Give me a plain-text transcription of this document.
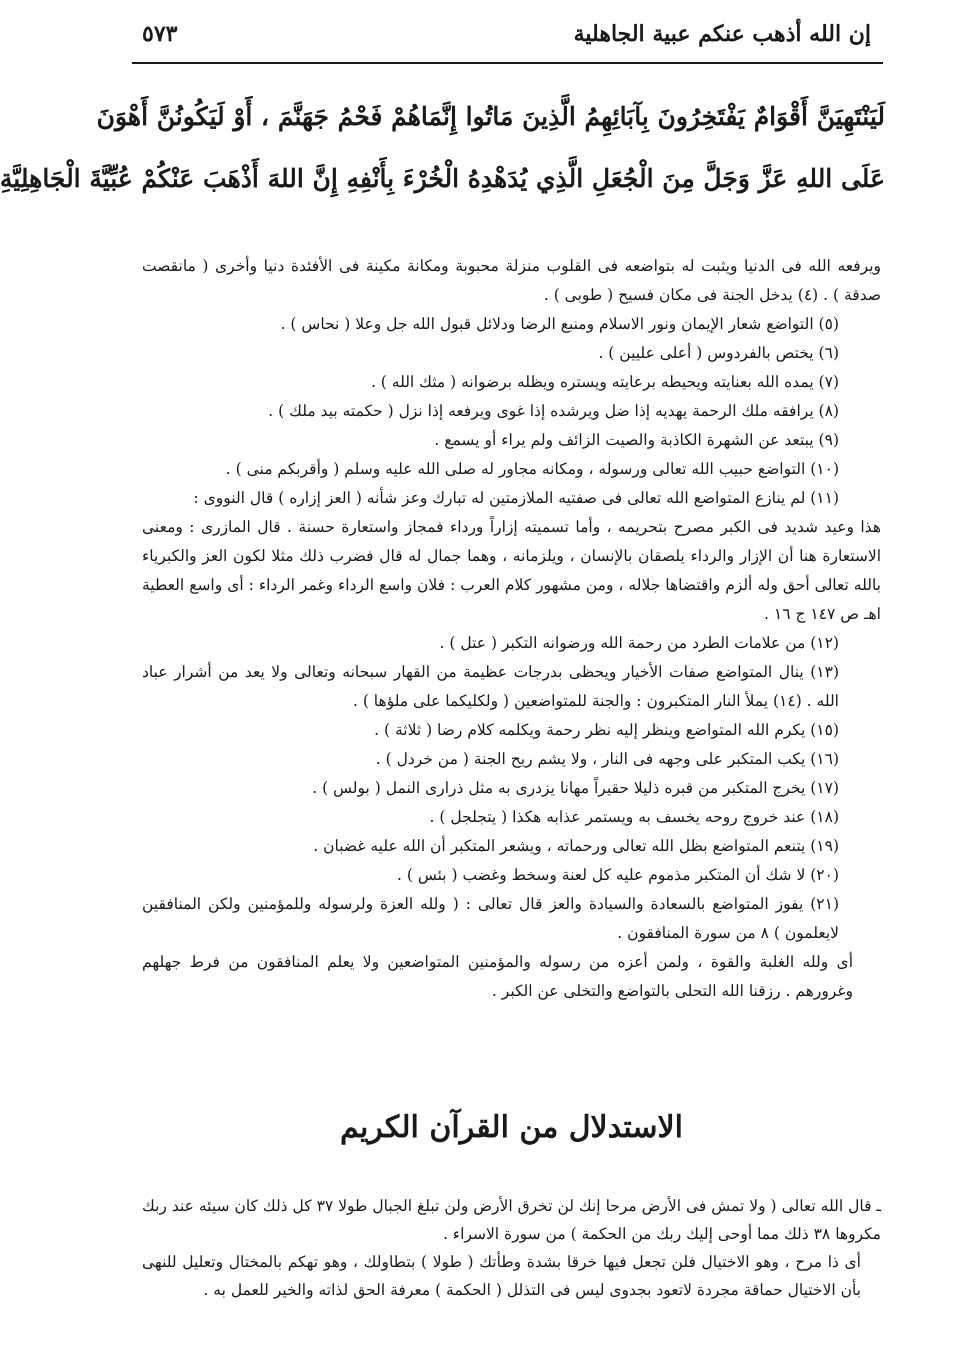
إن الله أذهب عنكم عبية الجاهلية
٥٧٣
لَيَنْتَهِيَنَّ أَقْوَامٌ يَفْتَخِرُونَ بِآبَائِهِمُ الَّذِينَ مَاتُوا إِنَّمَاهُمْ فَحْمُ جَهَنَّمَ ، أَوْ لَيَكُونُنَّ أَهْوَنَ
عَلَى اللهِ عَزَّ وَجَلَّ مِنَ الْجُعَلِ الَّذِي يُدَهْدِهُ الْخُرْءَ بِأَنْفِهِ إِنَّ اللهَ أَذْهَبَ عَنْكُمْ عُبِّيَّةَ الْجَاهِلِيَّةِ

ويرفعه الله فى الدنيا ويثبت له بتواضعه فى القلوب منزلة محبوبة ومكانة مكينة فى الأفئدة دنيا وأخرى ( مانقصت صدقة ) . (٤) يدخل الجنة فى مكان فسيح ( طوبى ) .

(٥) التواضع شعار الإيمان ونور الاسلام ومنبع الرضا ودلائل قبول الله جل وعلا ( نحاس ) .

(٦) يختص بالفردوس ( أعلى عليين ) .

(٧) يمده الله بعنايته ويحيطه برعايته ويستره ويظله برضوانه ( مثك الله ) .

(٨) يرافقه ملك الرحمة يهديه إذا ضل ويرشده إذا غوى ويرفعه إذا نزل ( حكمته بيد ملك ) .

(٩) يبتعد عن الشهرة الكاذبة والصيت الزائف ولم يراء أو يسمع .

(١٠) التواضع حبيب الله تعالى ورسوله ، ومكانه مجاور له صلى الله عليه وسلم ( وأقربكم منى ) .

(١١) لم ينازع المتواضع الله تعالى فى صفتيه الملازمتين له تبارك وعز شأنه ( العز إزاره ) قال النووى :

هذا وعيد شديد فى الكبر مصرح بتحريمه ، وأما تسميته إزاراً ورداء فمجاز واستعارة حسنة . قال المازرى : ومعنى الاستعارة هنا أن الإزار والرداء يلصقان بالإنسان ، ويلزمانه ، وهما جمال له قال فضرب ذلك مثلا لكون العز والكبرياء بالله تعالى أحق وله ألزم واقتضاها جلاله ، ومن مشهور كلام العرب : فلان واسع الرداء وغمر الرداء : أى واسع العطية اهـ ص ١٤٧ ج ١٦ .

(١٢) من علامات الطرد من رحمة الله ورضوانه التكبر ( عتل ) .

(١٣) ينال المتواضع صفات الأخيار ويحظى بدرجات عظيمة من القهار سبحانه وتعالى ولا يعد من أشرار عباد الله . (١٤) يملأ النار المتكبرون : والجنة للمتواضعين ( ولكليكما على ملؤها ) .

(١٥) يكرم الله المتواضع وينظر إليه نظر رحمة ويكلمه كلام رضا ( ثلاثة ) .

(١٦) يكب المتكبر على وجهه فى النار ، ولا يشم ريح الجنة ( من خردل ) .

(١٧) يخرج المتكبر من قبره ذليلا حقيراً مهانا يزدرى به مثل ذرارى النمل ( بولس ) .

(١٨) عند خروج روحه يخسف به ويستمر عذابه هكذا ( يتجلجل ) .

(١٩) يتنعم المتواضع بظل الله تعالى ورحماته ، ويشعر المتكبر أن الله عليه غضبان .

(٢٠) لا شك أن المتكبر مذموم عليه كل لعنة وسخط وغضب ( بئس ) .

(٢١) يفوز المتواضع بالسعادة والسيادة والعز قال تعالى : ( ولله العزة ولرسوله وللمؤمنين ولكن المنافقين لايعلمون ) ٨ من سورة المنافقون .

أى ولله الغلبة والقوة ، ولمن أعزه من رسوله والمؤمنين المتواضعين ولا يعلم المنافقون من فرط جهلهم وغرورهم . رزقنا الله التحلى بالتواضع والتخلى عن الكبر .

الاستدلال من القرآن الكريم

ـ قال الله تعالى ( ولا تمش فى الأرض مرحا إنك لن تخرق الأرض ولن تبلغ الجبال طولا ٣٧ كل ذلك كان سيئه عند ربك مكروها ٣٨ ذلك مما أوحى إليك ربك من الحكمة ) من سورة الاسراء .

أى ذا مرح ، وهو الاختيال فلن تجعل فيها خرقا بشدة وطأتك ( طولا ) بتطاولك ، وهو تهكم بالمختال وتعليل للنهى بأن الاختيال حماقة مجردة لاتعود بجدوى ليس فى التذلل ( الحكمة ) معرفة الحق لذاته والخير للعمل به .
